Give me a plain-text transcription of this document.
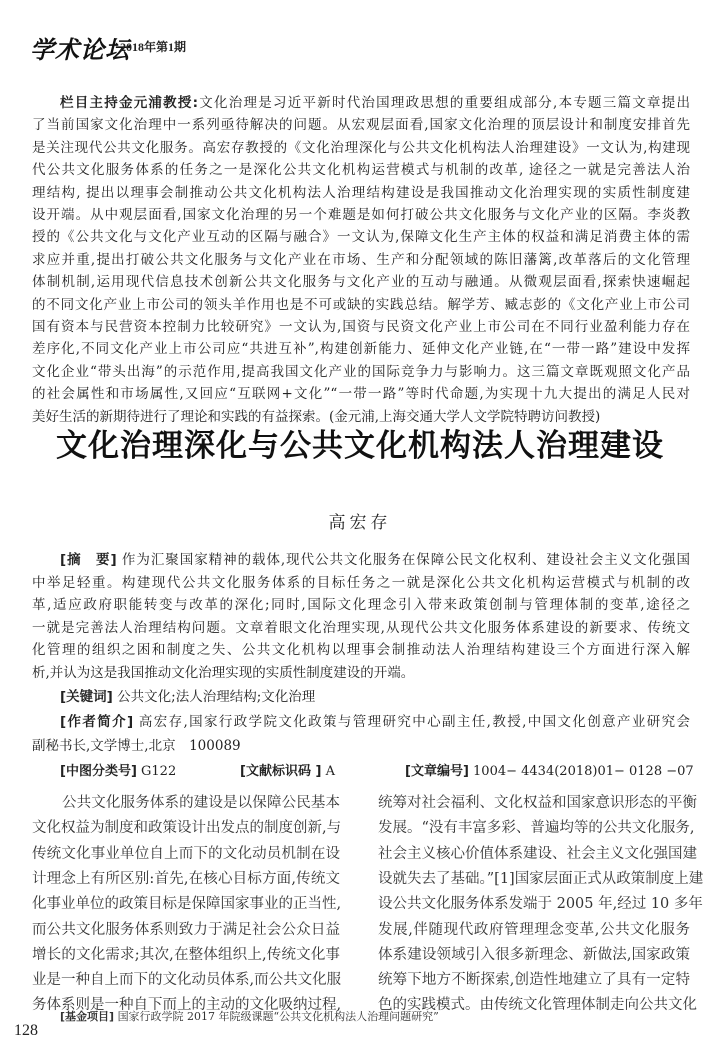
学术论坛
2018年第1期
栏目主持金元浦教授:文化治理是习近平新时代治国理政思想的重要组成部分,本专题三篇文章提出
了当前国家文化治理中一系列亟待解决的问题。从宏观层面看,国家文化治理的顶层设计和制度安排首先
是关注现代公共文化服务。高宏存教授的《文化治理深化与公共文化机构法人治理建设》一文认为,构建现
代公共文化服务体系的任务之一是深化公共文化机构运营模式与机制的改革, 途径之一就是完善法人治
理结构, 提出以理事会制推动公共文化机构法人治理结构建设是我国推动文化治理实现的实质性制度建
设开端。从中观层面看,国家文化治理的另一个难题是如何打破公共文化服务与文化产业的区隔。李炎教
授的《公共文化与文化产业互动的区隔与融合》一文认为,保障文化生产主体的权益和满足消费主体的需
求应并重,提出打破公共文化服务与文化产业在市场、生产和分配领域的陈旧藩篱,改革落后的文化管理
体制机制,运用现代信息技术创新公共文化服务与文化产业的互动与融通。从微观层面看,探索快速崛起
的不同文化产业上市公司的领头羊作用也是不可或缺的实践总结。解学芳、臧志彭的《文化产业上市公司
国有资本与民营资本控制力比较研究》一文认为,国资与民资文化产业上市公司在不同行业盈利能力存在
差序化,不同文化产业上市公司应“共进互补”,构建创新能力、延伸文化产业链,在“一带一路”建设中发挥
文化企业“带头出海”的示范作用,提高我国文化产业的国际竞争力与影响力。这三篇文章既观照文化产品
的社会属性和市场属性,又回应“互联网+文化”“一带一路”等时代命题,为实现十九大提出的满足人民对
美好生活的新期待进行了理论和实践的有益探索。(金元浦,上海交通大学人文学院特聘访问教授)
文化治理深化与公共文化机构法人治理建设
高宏存
[摘　要] 作为汇聚国家精神的载体,现代公共文化服务在保障公民文化权利、建设社会主义文化强国
中举足轻重。构建现代公共文化服务体系的目标任务之一就是深化公共文化机构运营模式与机制的改
革,适应政府职能转变与改革的深化;同时,国际文化理念引入带来政策创制与管理体制的变革,途径之
一就是完善法人治理结构问题。文章着眼文化治理实现,从现代公共文化服务体系建设的新要求、传统文
化管理的组织之困和制度之失、公共文化机构以理事会制推动法人治理结构建设三个方面进行深入解
析,并认为这是我国推动文化治理实现的实质性制度建设的开端。
[关键词] 公共文化;法人治理结构;文化治理
[作者简介] 高宏存,国家行政学院文化政策与管理研究中心副主任,教授,中国文化创意产业研究会
副秘书长,文学博士,北京　100089
[中图分类号] G122	[文献标识码 ] A	[文章编号] 1004− 4434(2018)01− 0128 −07
公共文化服务体系的建设是以保障公民基本
文化权益为制度和政策设计出发点的制度创新,与
传统文化事业单位自上而下的文化动员机制在设
计理念上有所区别:首先,在核心目标方面,传统文
化事业单位的政策目标是保障国家事业的正当性,
而公共文化服务体系则致力于满足社会公众日益
增长的文化需求;其次,在整体组织上,传统文化事
业是一种自上而下的文化动员体系,而公共文化服
务体系则是一种自下而上的主动的文化吸纳过程,
统筹对社会福利、文化权益和国家意识形态的平衡
发展。“没有丰富多彩、普遍均等的公共文化服务,
社会主义核心价值体系建设、社会主义文化强国建
设就失去了基础。”[1]国家层面正式从政策制度上建
设公共文化服务体系发端于 2005 年,经过 10 多年
发展,伴随现代政府管理理念变革,公共文化服务
体系建设领域引入很多新理念、新做法,国家政策
统筹下地方不断探索,创造性地建立了具有一定特
色的实践模式。由传统文化管理体制走向公共文化
[基金项目] 国家行政学院 2017 年院级课题“公共文化机构法人治理问题研究”
128
